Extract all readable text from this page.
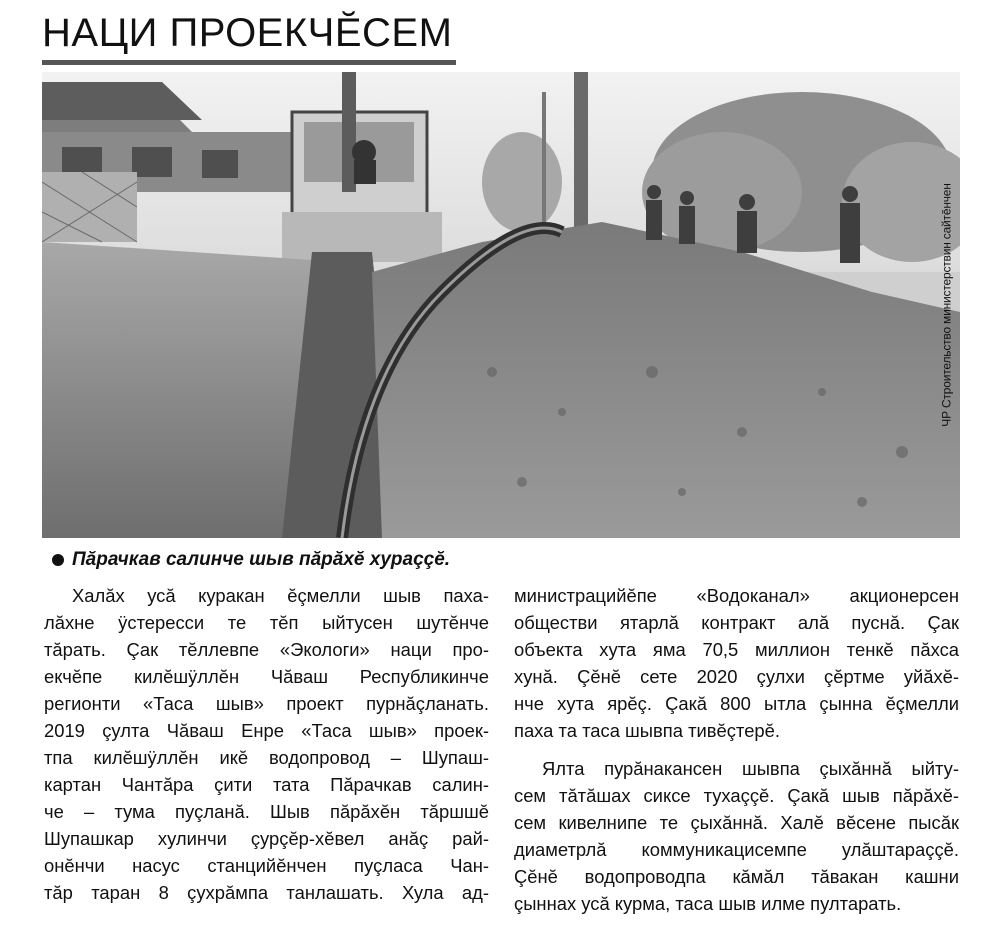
НАЦИ ПРОЕКЧĔСЕМ
ЧР Строительство министерствин сайтĕнчен
Пăрачкав салинче шыв пăрăхĕ хураççĕ.

Халăх усă куракан ĕçмелли шыв паха-
лăхне ÿстересси те тĕп ыйтусен шутĕнче
тăрать. Çак тĕллевпе «Экологи» наци про-
екчĕпе килĕшÿллĕн Чăваш Республикинче
регионти «Таса шыв» проект пурнăçланать.
2019 çулта Чăваш Енре «Таса шыв» проек-
тпа килĕшÿллĕн икĕ водопровод – Шупаш-
картан Чантăра çити тата Пăрачкав салин-
че – тума пуçланă. Шыв пăрăхĕн тăршшĕ
Шупашкар хулинчи çурçĕр-хĕвел анăç рай-
онĕнчи насус станцийĕнчен пуçласа Чан-
тăр таран 8 çухрăмпа танлашать. Хула ад-

министрацийĕпе «Водоканал» акционерсен
обществи ятарлă контракт алă пуснă. Çак
объекта хута яма 70,5 миллион тенкĕ пăхса
хунă. Çĕнĕ сете 2020 çулхи çĕртме уйăхĕ-
нче хута ярĕç. Çакă 800 ытла çынна ĕçмелли
паха та таса шывпа тивĕçтерĕ.

Ялта пурăнакансен шывпа çыхăннă ыйту-
сем тăтăшах сиксе тухаççĕ. Çакă шыв пăрăхĕ-
сем кивелнипе те çыхăннă. Халĕ вĕсене пысăк
диаметрлă коммуникацисемпе улăштараççĕ.
Çĕнĕ водопроводпа кăмăл тăвакан кашни
çыннах усă курма, таса шыв илме пултарать.
